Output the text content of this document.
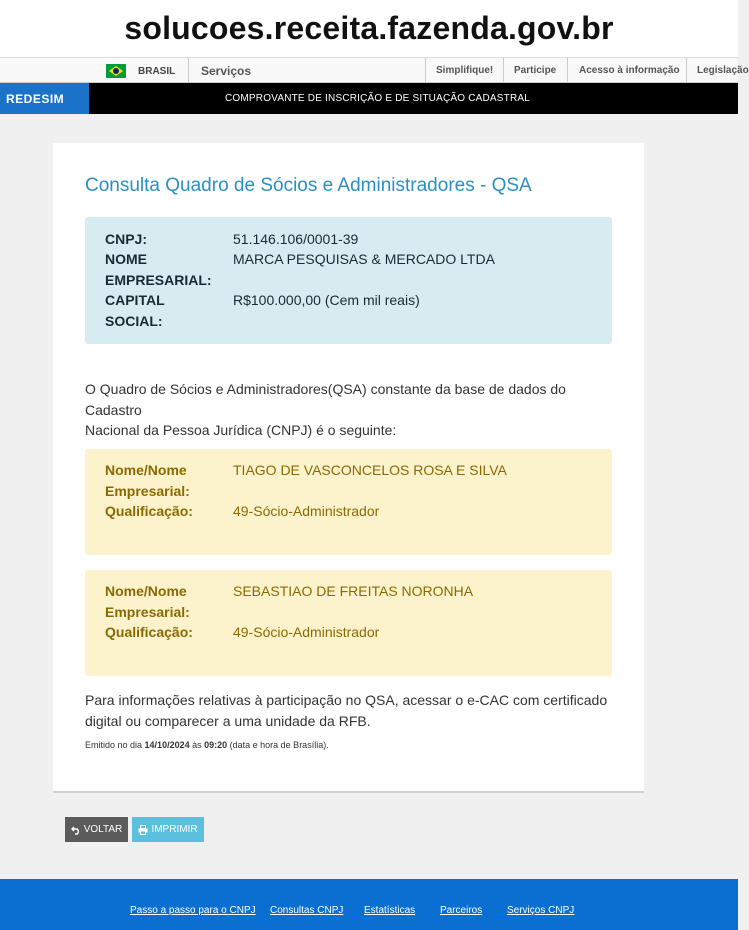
solucoes.receita.fazenda.gov.br
BRASIL Serviços	Simplifique! Participe Acesso à informação Legislação
REDESIM	COMPROVANTE DE INSCRIÇÃO E DE SITUAÇÃO CADASTRAL
Consulta Quadro de Sócios e Administradores - QSA
CNPJ:	51.146.106/0001-39
NOME
EMPRESARIAL:
MARCA PESQUISAS & MERCADO LTDA
CAPITAL
SOCIAL:
R$100.000,00 (Cem mil reais)
O Quadro de Sócios e Administradores(QSA) constante da base de dados do Cadastro
Nacional da Pessoa Jurídica (CNPJ) é o seguinte:
Nome/Nome
Empresarial:
TIAGO DE VASCONCELOS ROSA E SILVA
Qualificação:	49-Sócio-Administrador
Nome/Nome
Empresarial:
SEBASTIAO DE FREITAS NORONHA
Qualificação:	49-Sócio-Administrador
Para informações relativas à participação no QSA, acessar o e-CAC com certificado
digital ou comparecer a uma unidade da RFB.
Emitido no dia 14/10/2024 às 09:20 (data e hora de Brasília).
VOLTAR	IMPRIMIR
Passo a passo para o CNPJ Consultas CNPJ Estatísticas Parceiros Serviços CNPJ
